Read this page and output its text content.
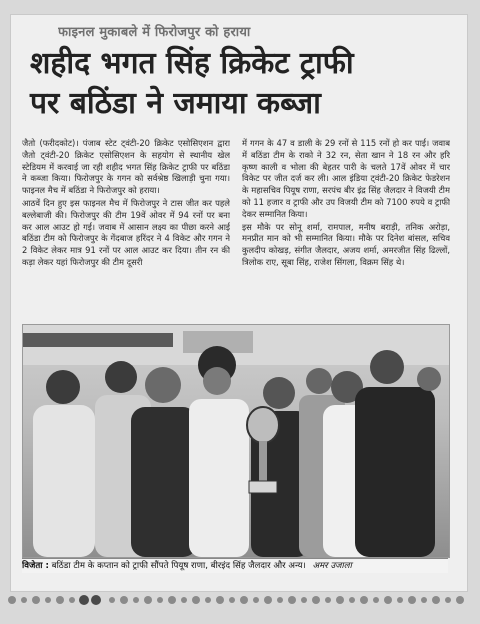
फाइनल मुकाबले में फिरोजपुर को हराया
शहीद भगत सिंह क्रिकेट ट्राफी
पर बठिंडा ने जमाया कब्जा

जैतो (फरीदकोट)। पंजाब स्टेट ट्वंटी-20 क्रिकेट एसोसिएशन द्वारा जैतो ट्वंटी-20 क्रिकेट एसोसिएशन के सहयोग से स्थानीय खेल स्टेडियम में करवाई जा रही शहीद भगत सिंह क्रिकेट ट्राफी पर बठिंडा ने कब्जा किया। फिरोजपुर के गगन को सर्वश्रेष्ठ खिलाड़ी चुना गया। फाइनल मैच में बठिंडा ने फिरोजपुर को हराया।

आठवें दिन हुए इस फाइनल मैच में फिरोजपुर ने टास जीत कर पहले बल्लेबाजी की। फिरोजपुर की टीम 19वें ओवर में 94 रनों पर बना कर आल आउट हो गई। जवाब में आसान लक्ष्य का पीछा करने आई बठिंडा टीम को फिरोजपुर के गेंदबाज हरिंदर ने 4 विकेट और गगन ने 2 विकेट लेकर मात्र 91 रनों पर आल आउट कर दिया। तीन रन की कड़ा लेकर यहां फिरोजपुर की टीम दूसरी

में गगन के 47 व डाली के 29 रनों से 115 रनों हो कर पाई। जवाब में बठिंडा टीम के राको ने 32 रन, सेता खान ने 18 रन और हरि कृष्ण काली व भोला की बेहतर पारी के चलते 17वें ओवर में चार विकेट पर जीत दर्ज कर ली। आल इंडिया ट्वंटी-20 क्रिकेट फेडरेशन के महासचिव पियूष राणा, सरपंच बीर इंद्र सिंह जैलदार ने विजयी टीम को 11 हजार व ट्राफी और उप विजयी टीम को 7100 रुपये व ट्राफी देकर सम्मानित किया।

इस मौके पर सोनू शर्मा, रामपाल, मनीष बराड़ी, तनिक अरोड़ा, मनप्रीत मान को भी सम्मानित किया। मौके पर दिनेश बांसल, सचिव कुलदीप कोखड़, संगीत जैलदार, अजय शर्मा, अमरजीत सिंह ढिल्लों, त्रिलोक राए, सूबा सिंह, राजेश सिंगला, विक्रम सिंह थे।

विजेता : बठिंडा टीम के कप्तान को ट्राफी सौंपते पियूष राणा, बीरइंद सिंह जैलदार और अन्य। अमर उजाला
